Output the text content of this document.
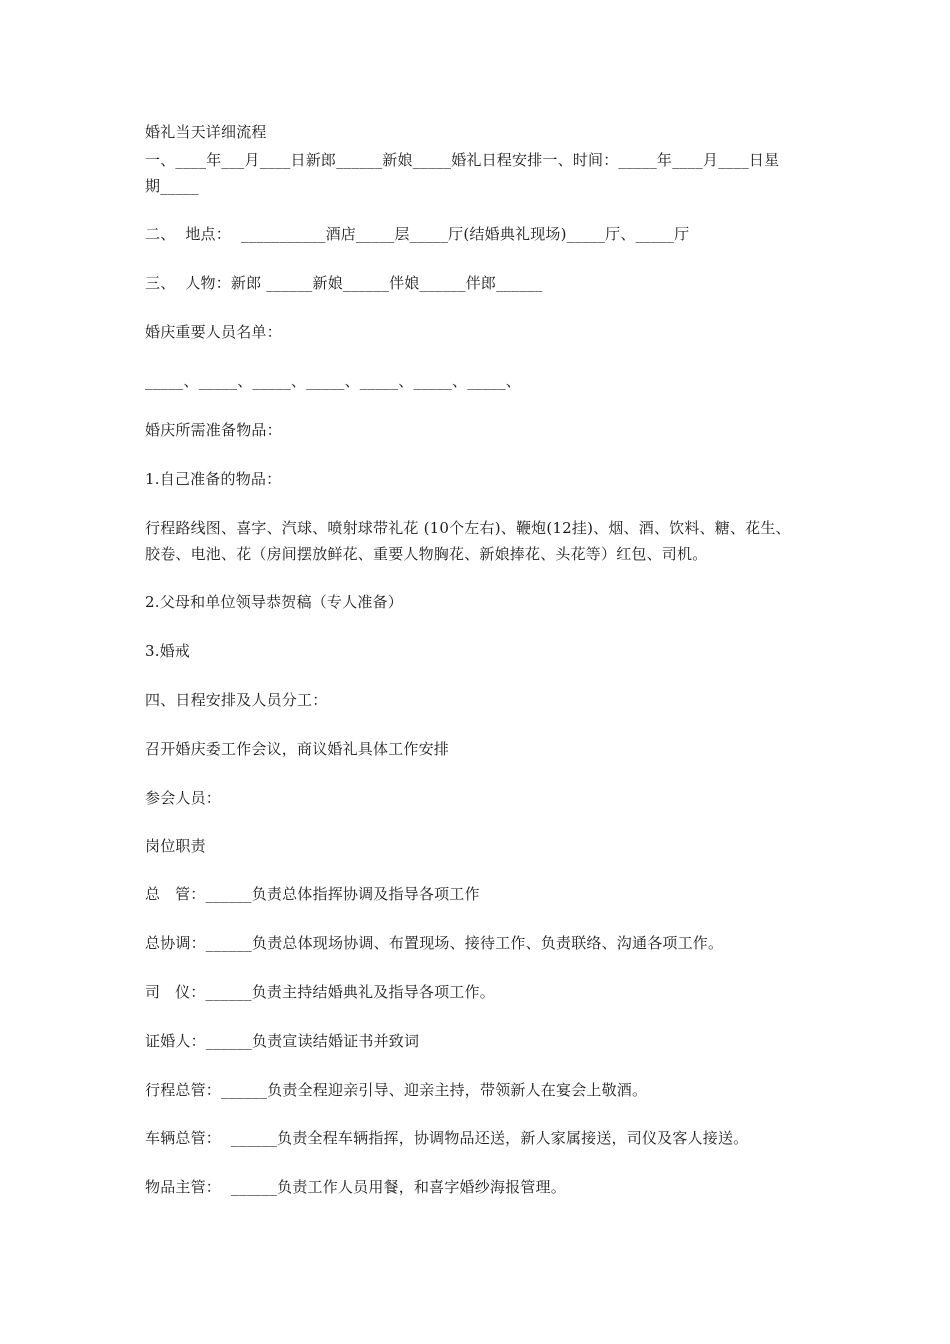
婚礼当天详细流程
一、____年___月____日新郎______新娘_____婚礼日程安排一、时间：_____年____月____日星
期_____
二、  地点：  ___________酒店_____层_____厅(结婚典礼现场)_____厅、_____厅
三、  人物：新郎 ______新娘______伴娘______伴郎______
婚庆重要人员名单：
_____、_____、_____、_____、_____、_____、_____、
婚庆所需准备物品：
1.自己准备的物品：
行程路线图、喜字、汽球、喷射球带礼花 (10个左右)、鞭炮(12挂)、烟、酒、饮料、糖、花生、
胶卷、电池、花（房间摆放鲜花、重要人物胸花、新娘捧花、头花等）红包、司机。
2.父母和单位领导恭贺稿（专人准备）
3.婚戒
四、日程安排及人员分工：
召开婚庆委工作会议，商议婚礼具体工作安排
参会人员：
岗位职责
总   管：______负责总体指挥协调及指导各项工作
总协调：______负责总体现场协调、布置现场、接待工作、负责联络、沟通各项工作。
司   仪：______负责主持结婚典礼及指导各项工作。
证婚人：______负责宣读结婚证书并致词
行程总管：______负责全程迎亲引导、迎亲主持，带领新人在宴会上敬酒。
车辆总管：  ______负责全程车辆指挥，协调物品还送，新人家属接送，司仪及客人接送。
物品主管：  ______负责工作人员用餐，和喜字婚纱海报管理。
